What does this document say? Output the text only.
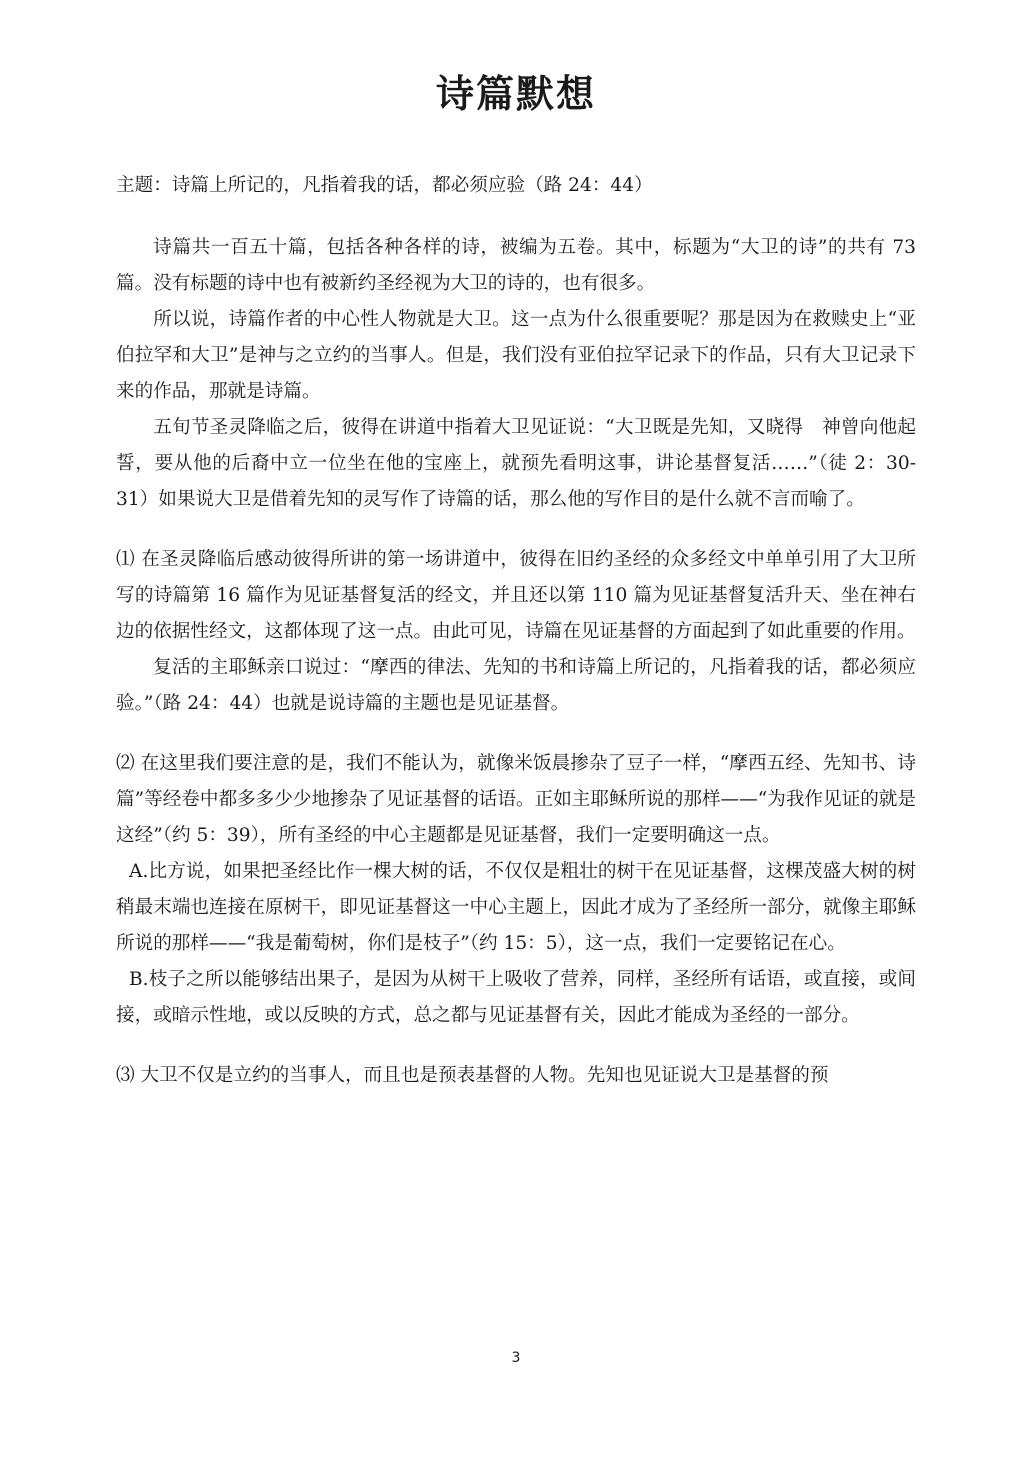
诗篇默想

主题：诗篇上所记的，凡指着我的话，都必须应验（路 24：44）

诗篇共一百五十篇，包括各种各样的诗，被编为五卷。其中，标题为“大卫的诗”的共有 73 篇。没有标题的诗中也有被新约圣经视为大卫的诗的，也有很多。

所以说，诗篇作者的中心性人物就是大卫。这一点为什么很重要呢？那是因为在救赎史上“亚伯拉罕和大卫”是神与之立约的当事人。但是，我们没有亚伯拉罕记录下的作品，只有大卫记录下来的作品，那就是诗篇。

五旬节圣灵降临之后，彼得在讲道中指着大卫见证说：“大卫既是先知，又晓得　神曾向他起誓，要从他的后裔中立一位坐在他的宝座上，就预先看明这事，讲论基督复活……”（徒 2：30-31）如果说大卫是借着先知的灵写作了诗篇的话，那么他的写作目的是什么就不言而喻了。

⑴ 在圣灵降临后感动彼得所讲的第一场讲道中，彼得在旧约圣经的众多经文中单单引用了大卫所写的诗篇第 16 篇作为见证基督复活的经文，并且还以第 110 篇为见证基督复活升天、坐在神右边的依据性经文，这都体现了这一点。由此可见，诗篇在见证基督的方面起到了如此重要的作用。

复活的主耶稣亲口说过：“摩西的律法、先知的书和诗篇上所记的，凡指着我的话，都必须应验。”（路 24：44）也就是说诗篇的主题也是见证基督。

⑵ 在这里我们要注意的是，我们不能认为，就像米饭晨掺杂了豆子一样，“摩西五经、先知书、诗篇”等经卷中都多多少少地掺杂了见证基督的话语。正如主耶稣所说的那样——“为我作见证的就是这经”（约 5：39），所有圣经的中心主题都是见证基督，我们一定要明确这一点。

A.比方说，如果把圣经比作一棵大树的话，不仅仅是粗壮的树干在见证基督，这棵茂盛大树的树稍最末端也连接在原树干，即见证基督这一中心主题上，因此才成为了圣经所一部分，就像主耶稣所说的那样——“我是葡萄树，你们是枝子”（约 15：5），这一点，我们一定要铭记在心。

B.枝子之所以能够结出果子，是因为从树干上吸收了营养，同样，圣经所有话语，或直接，或间接，或暗示性地，或以反映的方式，总之都与见证基督有关，因此才能成为圣经的一部分。

⑶ 大卫不仅是立约的当事人，而且也是预表基督的人物。先知也见证说大卫是基督的预

3
